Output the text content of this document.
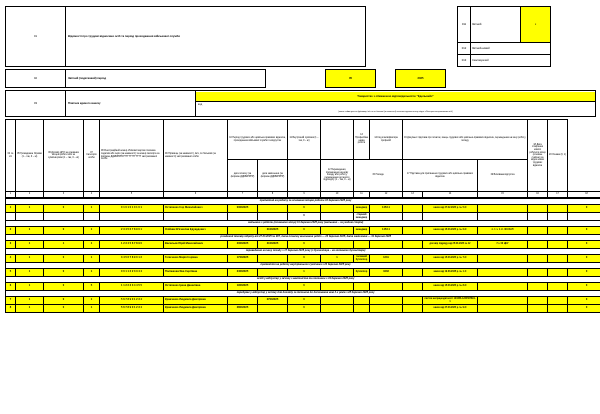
01	Відомості про трудові відносини осіб та період проходження військової служби		011	Звітний	x	
			012	Звітний-новий		
			013	Скасовуючий		
02	Звітний (податковий) період		05		2025	
03	Платник єдиного внеску	
Товариство з обмеженою відповідальністю "Едельвейс"
код
(повне найменування (прізвище, ім'я та по батькові (за наявності) платника єдиного внеску згідно з Реєстром застрахованих осіб)
04 № з/п	05 Громадянин України (1 – так, 0 – ні)	06 Договір ЦПХ за основним місцем роботи або за сумісництвом (1 – так, 0 – ні)	07 Категорія особи	08 Реєстраційний номер облікової картки платника податків або серія (за наявності) та номер паспорта за формою ДДММРРРР/ТТТТТТТТТТТТ застрахованої особи	09 Прізвище (за наявності), ім'я, по батькові (за наявності) застрахованої особи	10 Період трудових або цивільно-правових відносин, проходження військової служби та відпусток		11 Внутрішній сумісник (1 – так, 0 – ні)		13 Професійна назва роботи	14 Код класифікатора професій	16 Документ підстава про початок, кінець трудових або цивільно-правових відносин, переведення на іншу роботу, посаду			18 Дата створення нового робочого місця (основне сумісне) за кодом нових трудових відносин	20 Ознака (0, 1)	
						дата початку (за формою ДДММРРРР)	дата закінчення (за формою ДДММРРРР)		12 Переведення, призначення на нову посаду або роботу, переведення до іншого підрозділу (1 – так, 0 – ні)	15 Посада		17 Підстава для припинення трудових або цивільно-правових відносин		19 Вихована відпустка			
1	2	3	4	5	6	7	8	9	10	11	12	13	14	15	16	17	18
прийнятий на роботу за основним місцем роботи 03 березня 2025 року																	
1	1	0	1	0 1 0 1 0 1 0 1 0 1	Остапенко Ігор Миколайович	03032025		0		менеджер	1453.1		наказ від 27.02.2025 р. № 5-О				0
								0		старший менеджер							
звільнено з роботи (основного місця) 31 березня 2025 року (звільнено – за угодою сторін)																	
2	1	0	1	2 3 4 5 6 7 8 9 0 1	Олійник В'ячеслав Едуардович		31032025	0		менеджер	1453.1		наказ від 15.03.2025 р. № 6-О	п. 1 ч. 1 ст. 36 КЗпП			0
укладений договір підряду від 27.03.2025 № 907, дата початку виконання робіт — 23 березня 2025, дата закінчення — 31 березня 2025																	
3	1	1	1	1 2 3 4 5 6 7 8 9 0	Васильєв Юрій Миколайович	23032025	31032025	0					договір підряду від 25.03.2025 № 12	Г.з. 03 ЦКУ			0
переведення на іншу посаду з 17 березня 2025 року (з бухгалтера – на головного бухгалтера)																	
4	1	0	1	3 4 5 6 7 8 9 0 1 2	Голиченко Марія Ігорівна	17032025		0	1	головний бухгалтер	1231		наказ від 15.03.2025 р. № 7-О				0
прийняття на роботу внутрішнього сумісника з 24 березня 2025 року																	
5	1	0	1	0 0 1 1 2 2 3 3 4 4	Полішкова Яна Сергіївна	24032025		1		бухгалтер	3433		наказ від 19.03.2025 р. № 1-С				0
особі у відпустці у зв'язку з вагітністю та пологами з 19 березня 2025 року																	
6	1	0	5	1 1 2 2 3 3 4 4 5 5	Остапенко Ірина Данилівна	19032025		0					наказ від 15.03.2025 р. № 8-О				0
перебуває у відпустці у зв'язку для догляду за дитиною до досягнення нею 3-х років з 28 березня 2025 року																	
7	1	0	1	5 6 7 8 9 0 1 2 3 4	Кравченко Людмила Дмитрівна		27032025	0					листок непрацездатності 123456-1234567891-1				0
8	1	0	1	5 6 7 8 9 0 1 2 3 4	Кравченко Людмила Дмитрівна	28032025		0					наказ від 27.03.2025 р. № 9-О				0
